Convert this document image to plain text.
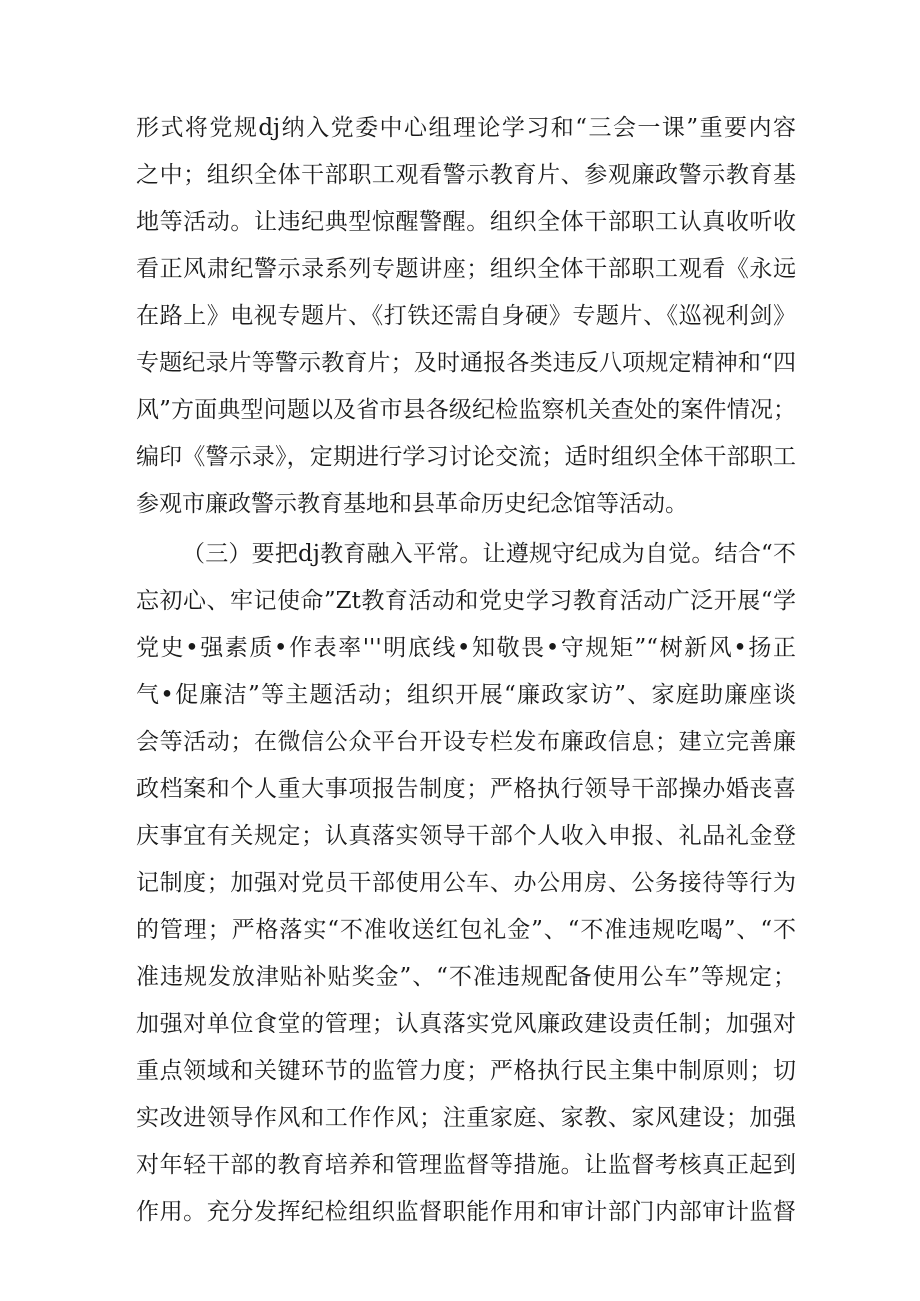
形式将党规dj纳入党委中心组理论学习和“三会一课”重要内容
之中；组织全体干部职工观看警示教育片、参观廉政警示教育基
地等活动。让违纪典型惊醒警醒。组织全体干部职工认真收听收
看正风肃纪警示录系列专题讲座；组织全体干部职工观看《永远
在路上》电视专题片、《打铁还需自身硬》专题片、《巡视利剑》
专题纪录片等警示教育片；及时通报各类违反八项规定精神和“四
风”方面典型问题以及省市县各级纪检监察机关查处的案件情况；
编印《警示录》，定期进行学习讨论交流；适时组织全体干部职工
参观市廉政警示教育基地和县革命历史纪念馆等活动。
（三）要把dj教育融入平常。让遵规守纪成为自觉。结合“不
忘初心、牢记使命”Zt教育活动和党史学习教育活动广泛开展“学
党史•强素质•作表率'''明底线•知敬畏•守规矩”“树新风•扬正
气•促廉洁”等主题活动；组织开展“廉政家访”、家庭助廉座谈
会等活动；在微信公众平台开设专栏发布廉政信息；建立完善廉
政档案和个人重大事项报告制度；严格执行领导干部操办婚丧喜
庆事宜有关规定；认真落实领导干部个人收入申报、礼品礼金登
记制度；加强对党员干部使用公车、办公用房、公务接待等行为
的管理；严格落实“不准收送红包礼金”、“不准违规吃喝”、“不
准违规发放津贴补贴奖金”、“不准违规配备使用公车”等规定；
加强对单位食堂的管理；认真落实党风廉政建设责任制；加强对
重点领域和关键环节的监管力度；严格执行民主集中制原则；切
实改进领导作风和工作作风；注重家庭、家教、家风建设；加强
对年轻干部的教育培养和管理监督等措施。让监督考核真正起到
作用。充分发挥纪检组织监督职能作用和审计部门内部审计监督
